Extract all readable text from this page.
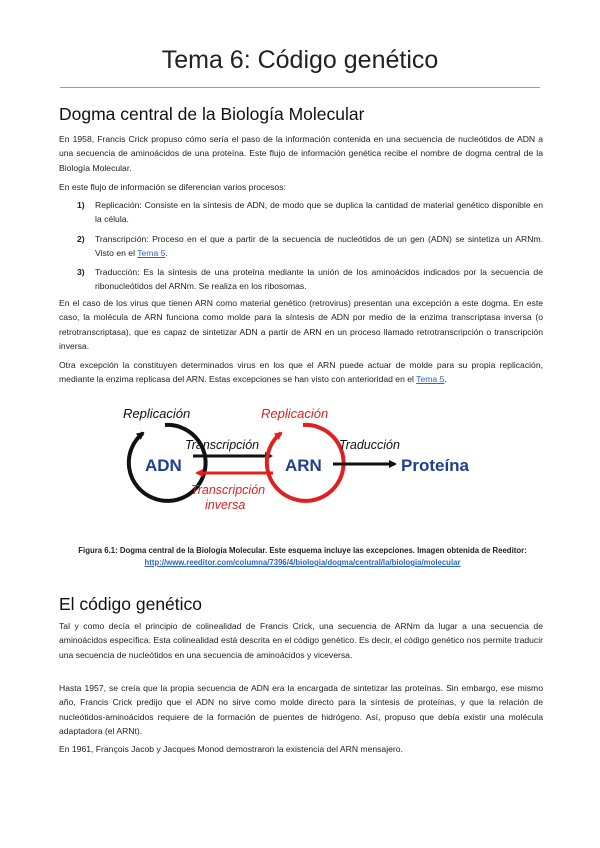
Tema 6: Código genético
Dogma central de la Biología Molecular

En 1958, Francis Crick propuso cómo sería el paso de la información contenida en una secuencia de nucleótidos de ADN a una secuencia de aminoácidos de una proteína. Este flujo de información genética recibe el nombre de dogma central de la Biología Molecular.

En este flujo de información se diferencian varios procesos:

1) Replicación: Consiste en la síntesis de ADN, de modo que se duplica la cantidad de material genético disponible en la célula.
2) Transcripción: Proceso en el que a partir de la secuencia de nucleótidos de un gen (ADN) se sintetiza un ARNm. Visto en el Tema 5.
3) Traducción: Es la síntesis de una proteína mediante la unión de los aminoácidos indicados por la secuencia de ribonucleótidos del ARNm. Se realiza en los ribosomas.

En el caso de los virus que tienen ARN como material genético (retrovirus) presentan una excepción a este dogma. En este caso, la molécula de ARN funciona como molde para la síntesis de ADN por medio de la enzima transcriptasa inversa (o retrotranscriptasa), que es capaz de sintetizar ADN a partir de ARN en un proceso llamado retrotranscripción o transcripción inversa.

Otra excepción la constituyen determinados virus en los que el ARN puede actuar de molde para su propia replicación, mediante la enzima replicasa del ARN. Estas excepciones se han visto con anterioridad en el Tema 5.

Replicación
ADN
Transcripción
Transcripción
inversa
Replicación
ARN
Traducción
Proteína

Figura 6.1: Dogma central de la Biología Molecular. Este esquema incluye las excepciones. Imagen obtenida de Reeditor: http://www.reeditor.com/columna/7396/4/biologia/dogma/central/la/biologia/molecular

El código genético

Tal y como decía el principio de colinealidad de Francis Crick, una secuencia de ARNm da lugar a una secuencia de aminoácidos específica. Esta colinealidad está descrita en el código genético. Es decir, el código genético nos permite traducir una secuencia de nucleótidos en una secuencia de aminoácidos y viceversa.

Hasta 1957, se creía que la propia secuencia de ADN era la encargada de sintetizar las proteínas. Sin embargo, ese mismo año, Francis Crick predijo que el ADN no sirve como molde directo para la síntesis de proteínas, y que la relación de nucleótidos-aminoácidos requiere de la formación de puentes de hidrógeno. Así, propuso que debía existir una molécula adaptadora (el ARNt).

En 1961, François Jacob y Jacques Monod demostraron la existencia del ARN mensajero.
